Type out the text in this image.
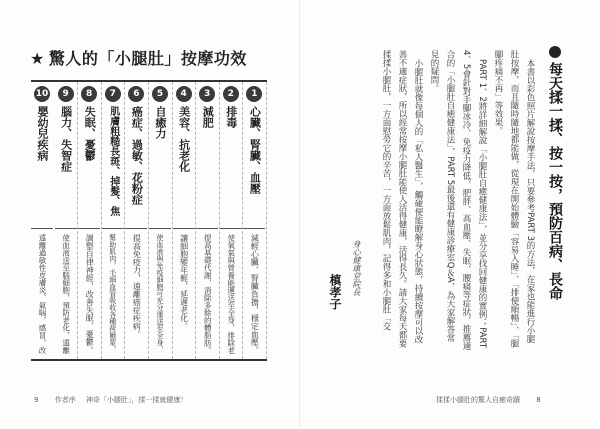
★ 驚人的「小腿肚」按摩功效
1
心臟、腎臟、血壓
減輕心臟、腎臟負擔，穩定血壓。
2
排毒
使氧氣與營養能運送至全身，排除老
3
減肥
提高基礎代謝，消除多餘的體脂肪。
4
美容、抗老化
讓細胞變年輕，延遲老化。
5
自癒力
使血液與免疫細胞可充分運送至全身，
6
癌症、過敏、花粉症
提高免疫力，遠離癌症疾病。
7
肌膚粗糙長斑、掉髮、焦
幫助肌肉，毛細血管吸收各種荷爾蒙，
8
失眠、憂鬱
調整自律神經，改善失眠、憂鬱。
9
腦力、失智症
使血液送至腦細胞，預防老化，遠離
10
嬰幼兒疾病
遠離過敏性皮膚炎、氣喘，感冒，改
9 作者序 神奇「小腿肚」，揉一揉就健康！
每天揉一揉、按一按，預防百病、長命

本書以彩色照片解說按摩手法，只要參考PART 3的方法，在家也能進行小腿肚按摩，而且隨時隨地都能做，從現在開始體驗「容易入睡」、「排便順暢」、「腿腳疼痛不再」等效果。

PART 1、2將詳細解說「小腿肚自癒健康法」，並分享找回健康的實例；PART 4、5會針對手腳冰冷、免疫力降低、肥胖、高血壓、失眠、腰痛等症狀，推薦適合的「小腿肚自癒健康法」，PART 5最後還有健康診療室Q＆A，為大家解答常見的疑問。

小腿肚就像每個人的「私人醫生」，觸碰便能瞭解身心狀態，持續按摩可以改善不適症狀，所以經常按摩小腿肚能使人活得健康，活得長久。請大家每天都要揉揉小腿肚，一方面慰勞它的辛苦，一方面放鬆肌肉，記得多和小腿肚「交

身心健康堂院長
槙孝子
揉揉小腿肚的驚人自癒奇蹟 8
